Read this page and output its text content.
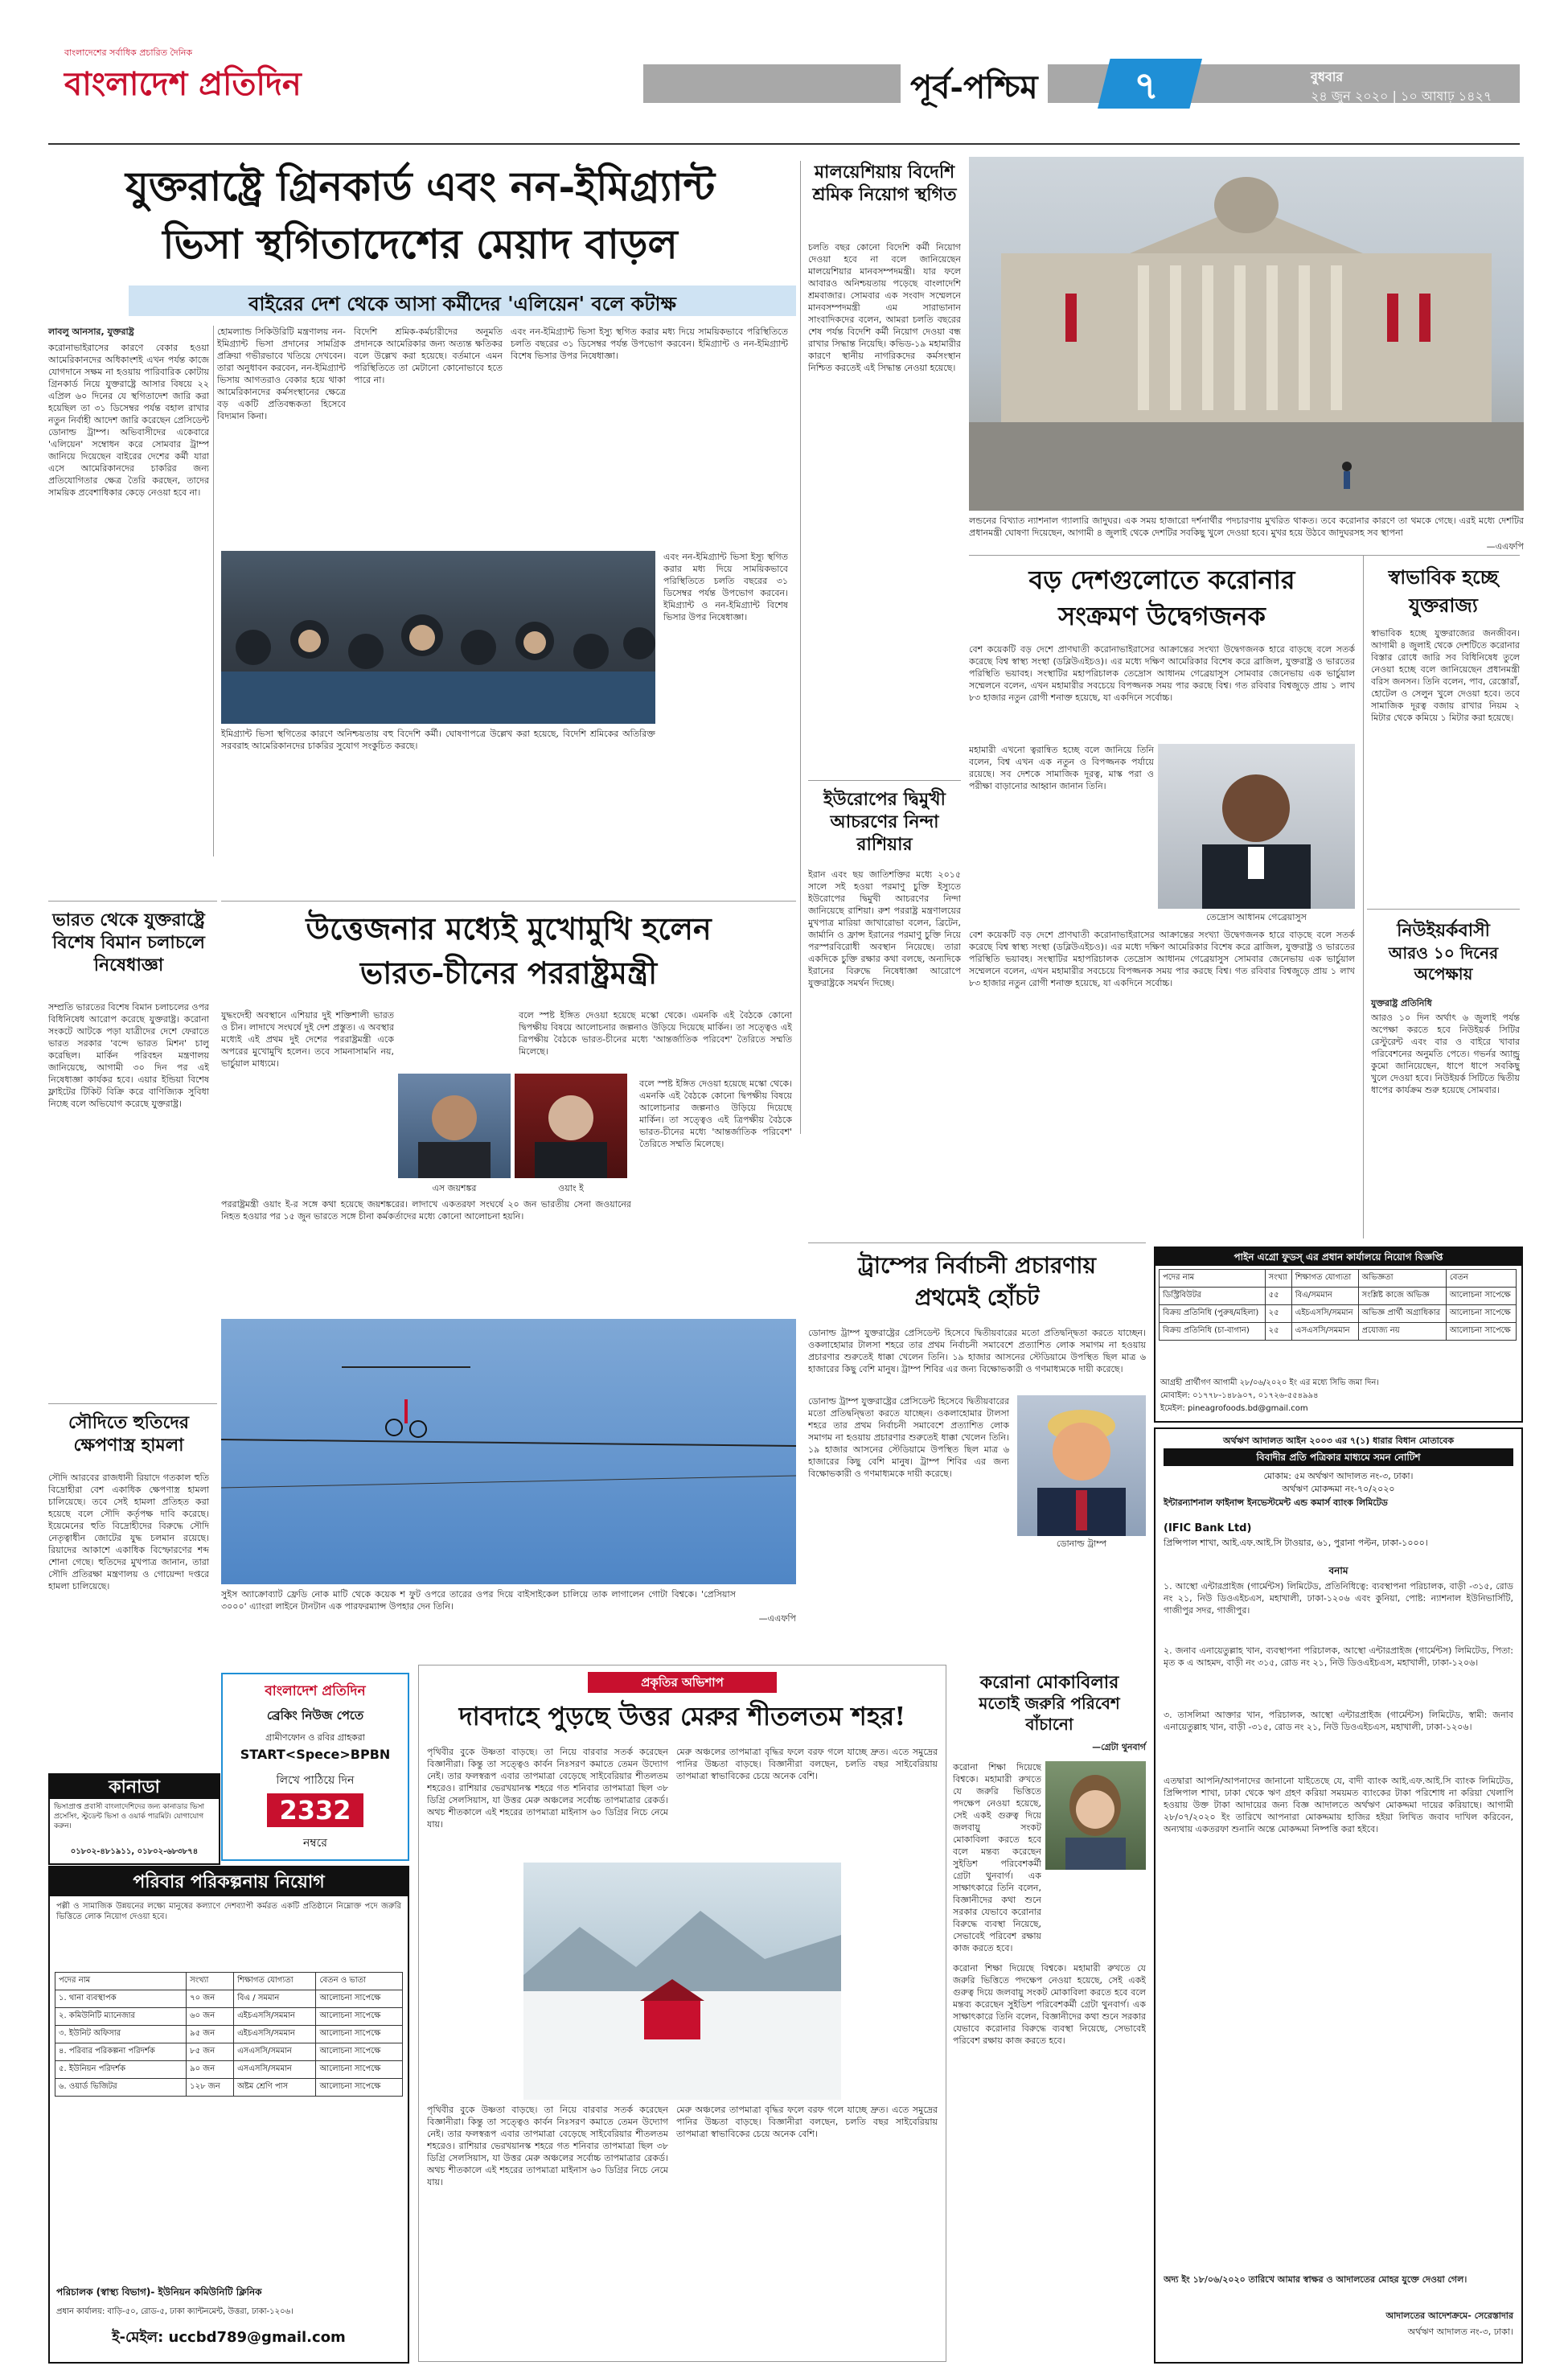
বাংলাদেশের সর্বাধিক প্রচারিত দৈনিক
বাংলাদেশ প্রতিদিন	পূর্ব-পশ্চিম ৭	বুধবার
২৪ জুন ২০২০ | ১০ আষাঢ় ১৪২৭
যুক্তরাষ্ট্রে গ্রিনকার্ড এবং নন-ইমিগ্র্যান্ট
ভিসা স্থগিতাদেশের মেয়াদ বাড়ল
বাইরের দেশ থেকে আসা কর্মীদের 'এলিয়েন' বলে কটাক্ষ
লাবলু আনসার, যুক্তরাষ্ট্র
করোনাভাইরাসের কারণে বেকার হওয়া আমেরিকানদের অধিকাংশই এখন পর্যন্ত কাজে যোগদানে সক্ষম না হওয়ায় পারিবারিক কোটায় গ্রিনকার্ড নিয়ে যুক্তরাষ্ট্রে আসার বিষয়ে ২২ এপ্রিল ৬০ দিনের যে স্থগিতাদেশ জারি করা হয়েছিল তা ৩১ ডিসেম্বর পর্যন্ত বহাল রাখার নতুন নির্বাহী আদেশ জারি করেছেন প্রেসিডেন্ট ডোনাল্ড ট্রাম্প। অভিবাসীদের একেবারে 'এলিয়েন' সম্বোধন করে সোমবার ট্রাম্প জানিয়ে দিয়েছেন বাইরের দেশের কর্মী যারা এসে আমেরিকানদের চাকরির জন্য প্রতিযোগিতার ক্ষেত্র তৈরি করছেন, তাদের সাময়িক প্রবেশাধিকার কেড়ে নেওয়া হবে না।
হোমল্যান্ড সিকিউরিটি মন্ত্রণালয় নন-ইমিগ্র্যান্ট ভিসা প্রদানের সামগ্রিক প্রক্রিয়া গভীরভাবে খতিয়ে দেখবেন। তারা অনুধাবন করবেন, নন-ইমিগ্র্যান্ট ভিসায় আগতরাও বেকার হয়ে থাকা আমেরিকানদের কর্মসংস্থানের ক্ষেত্রে বড় একটি প্রতিবন্ধকতা হিসেবে বিদ্যমান কিনা।
বিদেশি শ্রমিক-কর্মচারীদের অনুমতি প্রদানকে আমেরিকার জন্য অত্যন্ত ক্ষতিকর বলে উল্লেখ করা হয়েছে। বর্তমানে এমন পরিস্থিতিতে তা মেটানো কোনোভাবে হতে পারে না।
এবং নন-ইমিগ্র্যান্ট ভিসা ইস্যু স্থগিত করার মধ্য দিয়ে সাময়িকভাবে পরিস্থিতিতে চলতি বছরের ৩১ ডিসেম্বর পর্যন্ত উপভোগ করবেন। ইমিগ্র্যান্ট ও নন-ইমিগ্র্যান্ট বিশেষ ভিসার উপর নিষেধাজ্ঞা।
ইমিগ্র্যান্ট ভিসা স্থগিতের কারণে অনিশ্চয়তায় বহু বিদেশি কর্মী। ঘোষণাপত্রে উল্লেখ করা হয়েছে, বিদেশি শ্রমিকের অতিরিক্ত সরবরাহ আমেরিকানদের চাকরির সুযোগ সংকুচিত করছে।
এবং নন-ইমিগ্র্যান্ট ভিসা ইস্যু স্থগিত করার মধ্য দিয়ে সাময়িকভাবে পরিস্থিতিতে চলতি বছরের ৩১ ডিসেম্বর পর্যন্ত উপভোগ করবেন। ইমিগ্র্যান্ট ও নন-ইমিগ্র্যান্ট বিশেষ ভিসার উপর নিষেধাজ্ঞা।
ভারত থেকে যুক্তরাষ্ট্রে বিশেষ বিমান চলাচলে নিষেধাজ্ঞা
সম্প্রতি ভারতের বিশেষ বিমান চলাচলের ওপর বিধিনিষেধ আরোপ করেছে যুক্তরাষ্ট্র। করোনা সংকটে আটকে পড়া যাত্রীদের দেশে ফেরাতে ভারত সরকার 'বন্দে ভারত মিশন' চালু করেছিল। মার্কিন পরিবহন মন্ত্রণালয় জানিয়েছে, আগামী ৩০ দিন পর এই নিষেধাজ্ঞা কার্যকর হবে। এয়ার ইন্ডিয়া বিশেষ ফ্লাইটের টিকিট বিক্রি করে বাণিজ্যিক সুবিধা নিচ্ছে বলে অভিযোগ করেছে যুক্তরাষ্ট্র।
উত্তেজনার মধ্যেই মুখোমুখি হলেন
ভারত-চীনের পররাষ্ট্রমন্ত্রী
যুদ্ধংদেহী অবস্থানে এশিয়ার দুই শক্তিশালী ভারত ও চীন। লাদাখে সংঘর্ষে দুই দেশ প্রস্তুত। এ অবস্থার মধ্যেই এই প্রথম দুই দেশের পররাষ্ট্রমন্ত্রী একে অপরের মুখোমুখি হলেন। তবে সামনাসামনি নয়, ভার্চুয়াল মাধ্যমে।
বলে স্পষ্ট ইঙ্গিত দেওয়া হয়েছে মস্কো থেকে। এমনকি এই বৈঠকে কোনো দ্বিপক্ষীয় বিষয়ে আলোচনার জল্পনাও উড়িয়ে দিয়েছে মার্কিন। তা সত্ত্বেও এই ত্রিপক্ষীয় বৈঠকে ভারত-চীনের মধ্যে 'আন্তর্জাতিক পরিবেশ' তৈরিতে সম্মতি মিলেছে।
এস জয়শঙ্কর	ওয়াং ই
পররাষ্ট্রমন্ত্রী ওয়াং ই-র সঙ্গে কথা হয়েছে জয়শঙ্করের। লাদাখে একতরফা সংঘর্ষে ২০ জন ভারতীয় সেনা জওয়ানের নিহত হওয়ার পর ১৫ জুন ভারতে সঙ্গে চীনা কর্মকর্তাদের মধ্যে কোনো আলোচনা হয়নি।
বলে স্পষ্ট ইঙ্গিত দেওয়া হয়েছে মস্কো থেকে। এমনকি এই বৈঠকে কোনো দ্বিপক্ষীয় বিষয়ে আলোচনার জল্পনাও উড়িয়ে দিয়েছে মার্কিন। তা সত্ত্বেও এই ত্রিপক্ষীয় বৈঠকে ভারত-চীনের মধ্যে 'আন্তর্জাতিক পরিবেশ' তৈরিতে সম্মতি মিলেছে।
সুইস অ্যাক্রোব্যাট ফ্রেডি নোক মাটি থেকে কয়েক শ ফুট ওপরে তারের ওপর দিয়ে বাইসাইকেল চালিয়ে তাক লাগালেন গোটা বিশ্বকে। 'প্রেসিয়াস ৩০০০' এ্যাংরা লাইনে টানটান এক পারফরম্যান্স উপহার দেন তিনি।
—এএফপি
সৌদিতে হুতিদের ক্ষেপণাস্ত্র হামলা
সৌদি আরবের রাজধানী রিয়াদে গতকাল হুতি বিদ্রোহীরা বেশ একাধিক ক্ষেপণাস্ত্র হামলা চালিয়েছে। তবে সেই হামলা প্রতিহত করা হয়েছে বলে সৌদি কর্তৃপক্ষ দাবি করেছে। ইয়েমেনের হুতি বিদ্রোহীদের বিরুদ্ধে সৌদি নেতৃত্বাধীন জোটের যুদ্ধ চলমান রয়েছে। রিয়াদের আকাশে একাধিক বিস্ফোরণের শব্দ শোনা গেছে। হুতিদের মুখপাত্র জানান, তারা সৌদি প্রতিরক্ষা মন্ত্রণালয় ও গোয়েন্দা দপ্তরে হামলা চালিয়েছে।
মালয়েশিয়ায় বিদেশি শ্রমিক নিয়োগ স্থগিত
চলতি বছর কোনো বিদেশি কর্মী নিয়োগ দেওয়া হবে না বলে জানিয়েছেন মালয়েশিয়ার মানবসম্পদমন্ত্রী। যার ফলে আবারও অনিশ্চয়তায় পড়েছে বাংলাদেশি শ্রমবাজার। সোমবার এক সংবাদ সম্মেলনে মানবসম্পদমন্ত্রী এম সারাভানান সাংবাদিকদের বলেন, আমরা চলতি বছরের শেষ পর্যন্ত বিদেশি কর্মী নিয়োগ দেওয়া বন্ধ রাখার সিদ্ধান্ত নিয়েছি। কভিড-১৯ মহামারীর কারণে স্থানীয় নাগরিকদের কর্মসংস্থান নিশ্চিত করতেই এই সিদ্ধান্ত নেওয়া হয়েছে।
লন্ডনের বিখ্যাত ন্যাশনাল গ্যালারি জাদুঘর। এক সময় হাজারো দর্শনার্থীর পদচারণায় মুখরিত থাকত। তবে করোনার কারণে তা থমকে গেছে। এরই মধ্যে দেশটির প্রধানমন্ত্রী ঘোষণা দিয়েছেন, আগামী ৪ জুলাই থেকে দেশটির সবকিছু খুলে দেওয়া হবে। মুখর হয়ে উঠবে জাদুঘরসহ সব স্থাপনা
—এএফপি
বড় দেশগুলোতে করোনার
সংক্রমণ উদ্বেগজনক
বেশ কয়েকটি বড় দেশে প্রাণঘাতী করোনাভাইরাসের আক্রান্তের সংখ্যা উদ্বেগজনক হারে বাড়ছে বলে সতর্ক করেছে বিশ্ব স্বাস্থ্য সংস্থা (ডব্লিউএইচও)। এর মধ্যে দক্ষিণ আমেরিকার বিশেষ করে ব্রাজিল, যুক্তরাষ্ট্র ও ভারতের পরিস্থিতি ভয়াবহ। সংস্থাটির মহাপরিচালক তেদ্রোস আধানম গেব্রেয়াসুস সোমবার জেনেভায় এক ভার্চুয়াল সম্মেলনে বলেন, এখন মহামারীর সবচেয়ে বিপজ্জনক সময় পার করছে বিশ্ব। গত রবিবার বিশ্বজুড়ে প্রায় ১ লাখ ৮৩ হাজার নতুন রোগী শনাক্ত হয়েছে, যা একদিনে সর্বোচ্চ।
মহামারী এখনো ত্বরান্বিত হচ্ছে বলে জানিয়ে তিনি বলেন, বিশ্ব এখন এক নতুন ও বিপজ্জনক পর্যায়ে রয়েছে। সব দেশকে সামাজিক দূরত্ব, মাস্ক পরা ও পরীক্ষা বাড়ানোর আহ্বান জানান তিনি।
তেদ্রোস আধানম গেব্রেয়াসুস
বেশ কয়েকটি বড় দেশে প্রাণঘাতী করোনাভাইরাসের আক্রান্তের সংখ্যা উদ্বেগজনক হারে বাড়ছে বলে সতর্ক করেছে বিশ্ব স্বাস্থ্য সংস্থা (ডব্লিউএইচও)। এর মধ্যে দক্ষিণ আমেরিকার বিশেষ করে ব্রাজিল, যুক্তরাষ্ট্র ও ভারতের পরিস্থিতি ভয়াবহ। সংস্থাটির মহাপরিচালক তেদ্রোস আধানম গেব্রেয়াসুস সোমবার জেনেভায় এক ভার্চুয়াল সম্মেলনে বলেন, এখন মহামারীর সবচেয়ে বিপজ্জনক সময় পার করছে বিশ্ব। গত রবিবার বিশ্বজুড়ে প্রায় ১ লাখ ৮৩ হাজার নতুন রোগী শনাক্ত হয়েছে, যা একদিনে সর্বোচ্চ।
স্বাভাবিক হচ্ছে
যুক্তরাজ্য
স্বাভাবিক হচ্ছে যুক্তরাজ্যের জনজীবন। আগামী ৪ জুলাই থেকে দেশটিতে করোনার বিস্তার রোধে জারি সব বিধিনিষেধ তুলে নেওয়া হচ্ছে বলে জানিয়েছেন প্রধানমন্ত্রী বরিস জনসন। তিনি বলেন, পাব, রেস্তোরাঁ, হোটেল ও সেলুন খুলে দেওয়া হবে। তবে সামাজিক দূরত্ব বজায় রাখার নিয়ম ২ মিটার থেকে কমিয়ে ১ মিটার করা হয়েছে।
নিউইয়র্কবাসী
আরও ১০ দিনের অপেক্ষায়
যুক্তরাষ্ট্র প্রতিনিধি
আরও ১০ দিন অর্থাৎ ৬ জুলাই পর্যন্ত অপেক্ষা করতে হবে নিউইয়র্ক সিটির রেস্টুরেন্ট এবং বার ও বাইরে খাবার পরিবেশনের অনুমতি পেতে। গভর্নর অ্যান্ড্রু কুমো জানিয়েছেন, ধাপে ধাপে সবকিছু খুলে দেওয়া হবে। নিউইয়র্ক সিটিতে দ্বিতীয় ধাপের কার্যক্রম শুরু হয়েছে সোমবার।
ইউরোপের দ্বিমুখী আচরণের নিন্দা রাশিয়ার
ইরান এবং ছয় জাতিশক্তির মধ্যে ২০১৫ সালে সই হওয়া পরমাণু চুক্তি ইস্যুতে ইউরোপের দ্বিমুখী আচরণের নিন্দা জানিয়েছে রাশিয়া। রুশ পররাষ্ট্র মন্ত্রণালয়ের মুখপাত্র মারিয়া জাখারোভা বলেন, ব্রিটেন, জার্মানি ও ফ্রান্স ইরানের পরমাণু চুক্তি নিয়ে পরস্পরবিরোধী অবস্থান নিয়েছে। তারা একদিকে চুক্তি রক্ষার কথা বলছে, অন্যদিকে ইরানের বিরুদ্ধে নিষেধাজ্ঞা আরোপে যুক্তরাষ্ট্রকে সমর্থন দিচ্ছে।
ট্রাম্পের নির্বাচনী প্রচারণায়
প্রথমেই হোঁচট
ডোনাল্ড ট্রাম্প যুক্তরাষ্ট্রের প্রেসিডেন্ট হিসেবে দ্বিতীয়বারের মতো প্রতিদ্বন্দ্বিতা করতে যাচ্ছেন। ওকলাহোমার টালসা শহরে তার প্রথম নির্বাচনী সমাবেশে প্রত্যাশিত লোক সমাগম না হওয়ায় প্রচারণার শুরুতেই ধাক্কা খেলেন তিনি। ১৯ হাজার আসনের স্টেডিয়ামে উপস্থিত ছিল মাত্র ৬ হাজারের কিছু বেশি মানুষ। ট্রাম্প শিবির এর জন্য বিক্ষোভকারী ও গণমাধ্যমকে দায়ী করেছে।
ডোনাল্ড ট্রাম্প যুক্তরাষ্ট্রের প্রেসিডেন্ট হিসেবে দ্বিতীয়বারের মতো প্রতিদ্বন্দ্বিতা করতে যাচ্ছেন। ওকলাহোমার টালসা শহরে তার প্রথম নির্বাচনী সমাবেশে প্রত্যাশিত লোক সমাগম না হওয়ায় প্রচারণার শুরুতেই ধাক্কা খেলেন তিনি। ১৯ হাজার আসনের স্টেডিয়ামে উপস্থিত ছিল মাত্র ৬ হাজারের কিছু বেশি মানুষ। ট্রাম্প শিবির এর জন্য বিক্ষোভকারী ও গণমাধ্যমকে দায়ী করেছে।
ডোনাল্ড ট্রাম্প
পাইন এগ্রো ফুডস্ এর প্রধান কার্যালয়ে নিয়োগ বিজ্ঞপ্তি
পদের নাম	সংখ্যা	শিক্ষাগত যোগ্যতা	অভিজ্ঞতা	বেতন
ডিস্ট্রিবিউটর	৫৫	বিএ/সমমান	সংশ্লিষ্ট কাজে অভিজ্ঞ	আলোচনা সাপেক্ষে
বিক্রয় প্রতিনিধি (পুরুষ/মহিলা)	২৫	এইচএসসি/সমমান	অভিজ্ঞ প্রার্থী অগ্রাধিকার	আলোচনা সাপেক্ষে
বিক্রয় প্রতিনিধি (চা-বাগান)	২৫	এসএসসি/সমমান	প্রযোজ্য নয়	আলোচনা সাপেক্ষে
আগ্রহী প্রার্থীগণ আগামী ২৮/০৬/২০২০ ইং এর মধ্যে সিভি জমা দিন।
মোবাইল: ০১৭৭৮-১৪৮৯০৭, ০১৭২৬-৫৫৪৯৯৪
ইমেইল: pineagrofoods.bd@gmail.com
অর্থঋণ আদালত আইন ২০০৩ এর ৭(১) ধারার বিধান মোতাবেক
বিবাদীর প্রতি পত্রিকার মাধ্যমে সমন নোটিশ
মোকাম: ৫ম অর্থঋণ আদালত নং-৩, ঢাকা।
অর্থঋণ মোকদ্দমা নং-৭০/২০২০
ইন্টারন্যাশনাল ফাইনান্স ইনভেস্টমেন্ট এন্ড কমার্স ব্যাংক লিমিটেড
(IFIC Bank Ltd)
প্রিন্সিপাল শাখা, আই.এফ.আই.সি টাওয়ার, ৬১, পুরানা পল্টন, ঢাকা-১০০০।
বনাম
১. আস্থো এন্টারপ্রাইজ (গার্মেন্টস) লিমিটেড, প্রতিনিধিত্বে: ব্যবস্থাপনা পরিচালক, বাড়ী -৩১৫, রোড নং ২১, নিউ ডিওএইচএস, মহাখালী, ঢাকা-১২০৬ এবং কুনিয়া, পোষ্ট: ন্যাশনাল ইউনিভার্সিটি, গাজীপুর সদর, গাজীপুর।
২. জনাব এনায়েতুল্লাহ খান, ব্যবস্থাপনা পরিচালক, আস্থো এন্টারপ্রাইজ (গার্মেন্টস) লিমিটেড, পিতা: মৃত ক এ আহমদ, বাড়ী নং ৩১৫, রোড নং ২১, নিউ ডিওএইচএস, মহাখালী, ঢাকা-১২০৬।
৩. তাসলিমা আক্তার খান, পরিচালক, আস্থো এন্টারপ্রাইজ (গার্মেন্টস) লিমিটেড, স্বামী: জনাব এনায়েতুল্লাহ খান, বাড়ী -৩১৫, রোড নং ২১, নিউ ডিওএইচএস, মহাখালী, ঢাকা-১২০৬।
এতদ্বারা আপনি/আপনাদের জানানো যাইতেছে যে, বাদী ব্যাংক আই.এফ.আই.সি ব্যাংক লিমিটেড, প্রিন্সিপাল শাখা, ঢাকা থেকে ঋণ গ্রহণ করিয়া সময়মত ব্যাংকের টাকা পরিশোধ না করিয়া খেলাপি হওয়ায় উক্ত টাকা আদায়ের জন্য বিজ্ঞ আদালতে অর্থঋণ মোকদ্দমা দায়ের করিয়াছে। আগামী ২৮/০৭/২০২০ ইং তারিখে আপনারা মোকদ্দমায় হাজির হইয়া লিখিত জবাব দাখিল করিবেন, অন্যথায় একতরফা শুনানি অন্তে মোকদ্দমা নিষ্পত্তি করা হইবে।
অদ্য ইং ১৮/০৬/২০২০ তারিখে আমার স্বাক্ষর ও আদালতের মোহর যুক্তে দেওয়া গেল।
আদালতের আদেশক্রমে- সেরেস্তাদার
অর্থঋণ আদালত নং-৩, ঢাকা।
প্রকৃতির অভিশাপ
দাবদাহে পুড়ছে উত্তর মেরুর শীতলতম শহর!
পৃথিবীর বুকে উষ্ণতা বাড়ছে। তা নিয়ে বারবার সতর্ক করেছেন বিজ্ঞানীরা। কিন্তু তা সত্ত্বেও কার্বন নিঃসরণ কমাতে তেমন উদ্যোগ নেই। তার ফলস্বরূপ এবার তাপমাত্রা বেড়েছে সাইবেরিয়ার শীতলতম শহরেও। রাশিয়ার ভেরখয়ানস্ক শহরে গত শনিবার তাপমাত্রা ছিল ৩৮ ডিগ্রি সেলসিয়াস, যা উত্তর মেরু অঞ্চলের সর্বোচ্চ তাপমাত্রার রেকর্ড। অথচ শীতকালে এই শহরের তাপমাত্রা মাইনাস ৬০ ডিগ্রির নিচে নেমে যায়।
মেরু অঞ্চলের তাপমাত্রা বৃদ্ধির ফলে বরফ গলে যাচ্ছে দ্রুত। এতে সমুদ্রের পানির উচ্চতা বাড়ছে। বিজ্ঞানীরা বলছেন, চলতি বছর সাইবেরিয়ায় তাপমাত্রা স্বাভাবিকের চেয়ে অনেক বেশি।
পৃথিবীর বুকে উষ্ণতা বাড়ছে। তা নিয়ে বারবার সতর্ক করেছেন বিজ্ঞানীরা। কিন্তু তা সত্ত্বেও কার্বন নিঃসরণ কমাতে তেমন উদ্যোগ নেই। তার ফলস্বরূপ এবার তাপমাত্রা বেড়েছে সাইবেরিয়ার শীতলতম শহরেও। রাশিয়ার ভেরখয়ানস্ক শহরে গত শনিবার তাপমাত্রা ছিল ৩৮ ডিগ্রি সেলসিয়াস, যা উত্তর মেরু অঞ্চলের সর্বোচ্চ তাপমাত্রার রেকর্ড। অথচ শীতকালে এই শহরের তাপমাত্রা মাইনাস ৬০ ডিগ্রির নিচে নেমে যায়।
মেরু অঞ্চলের তাপমাত্রা বৃদ্ধির ফলে বরফ গলে যাচ্ছে দ্রুত। এতে সমুদ্রের পানির উচ্চতা বাড়ছে। বিজ্ঞানীরা বলছেন, চলতি বছর সাইবেরিয়ায় তাপমাত্রা স্বাভাবিকের চেয়ে অনেক বেশি।
করোনা মোকাবিলার
মতোই জরুরি পরিবেশ বাঁচানো
—গ্রেটা থুনবার্গ
করোনা শিক্ষা দিয়েছে বিশ্বকে। মহামারী রুখতে যে জরুরি ভিত্তিতে পদক্ষেপ নেওয়া হয়েছে, সেই একই গুরুত্ব দিয়ে জলবায়ু সংকট মোকাবিলা করতে হবে বলে মন্তব্য করেছেন সুইডিশ পরিবেশকর্মী গ্রেটা থুনবার্গ। এক সাক্ষাৎকারে তিনি বলেন, বিজ্ঞানীদের কথা শুনে সরকার যেভাবে করোনার বিরুদ্ধে ব্যবস্থা নিয়েছে, সেভাবেই পরিবেশ রক্ষায় কাজ করতে হবে।
করোনা শিক্ষা দিয়েছে বিশ্বকে। মহামারী রুখতে যে জরুরি ভিত্তিতে পদক্ষেপ নেওয়া হয়েছে, সেই একই গুরুত্ব দিয়ে জলবায়ু সংকট মোকাবিলা করতে হবে বলে মন্তব্য করেছেন সুইডিশ পরিবেশকর্মী গ্রেটা থুনবার্গ। এক সাক্ষাৎকারে তিনি বলেন, বিজ্ঞানীদের কথা শুনে সরকার যেভাবে করোনার বিরুদ্ধে ব্যবস্থা নিয়েছে, সেভাবেই পরিবেশ রক্ষায় কাজ করতে হবে।
বাংলাদেশ প্রতিদিন
ব্রেকিং নিউজ পেতে
গ্রামীণফোন ও রবির গ্রাহকরা
START<Spece>BPBN
লিখে পাঠিয়ে দিন
2332
নম্বরে
কানাডা
ভিসাপ্রাপ্ত প্রবাসী বাংলাদেশিদের জন্য কানাডার ভিসা প্রসেসিং, স্টুডেন্ট ভিসা ও ওয়ার্ক পারমিট। যোগাযোগ করুন।
০১৮০২-৪৮১৯১১, ০১৮০২-৬৮৩৮৭৪
পরিবার পরিকল্পনায় নিয়োগ
পল্লী ও সামাজিক উন্নয়নের লক্ষ্যে মানুষের কল্যাণে দেশব্যাপী কর্মরত একটি প্রতিষ্ঠানে নিম্নোক্ত পদে জরুরি ভিত্তিতে লোক নিয়োগ দেওয়া হবে।
পদের নাম	সংখ্যা	শিক্ষাগত যোগ্যতা	বেতন ও ভাতা
১. থানা ব্যবস্থাপক	৭০ জন	বিএ / সমমান	আলোচনা সাপেক্ষে
২. কমিউনিটি ম্যানেজার	৬০ জন	এইচএসসি/সমমান	আলোচনা সাপেক্ষে
৩. ইউনিট অফিসার	৯৫ জন	এইচএসসি/সমমান	আলোচনা সাপেক্ষে
৪. পরিবার পরিকল্পনা পরিদর্শক	৮৫ জন	এসএসসি/সমমান	আলোচনা সাপেক্ষে
৫. ইউনিয়ন পরিদর্শক	৯০ জন	এসএসসি/সমমান	আলোচনা সাপেক্ষে
৬. ওয়ার্ড ভিজিটর	১২৮ জন	অষ্টম শ্রেণি পাস	আলোচনা সাপেক্ষে
পরিচালক (স্বাস্থ্য বিভাগ)- ইউনিয়ন কমিউনিটি ক্লিনিক
প্রধান কার্যালয়: বাড়ি-৫০, রোড-৫, ঢাকা ক্যান্টনমেন্ট, উত্তরা, ঢাকা-১২০৬।
ই-মেইল: uccbd789@gmail.com
